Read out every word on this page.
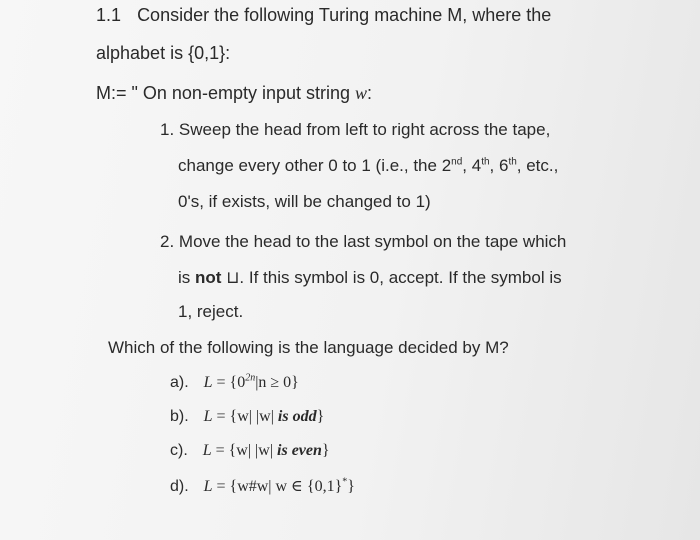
1.1 Consider the following Turing machine M, where the
alphabet is {0,1}:
M:= " On non-empty input string w:
1. Sweep the head from left to right across the tape,
change every other 0 to 1 (i.e., the 2nd, 4th, 6th, etc.,
0's, if exists, will be changed to 1)
2. Move the head to the last symbol on the tape which
is not ⊔. If this symbol is 0, accept. If the symbol is
1, reject.
Which of the following is the language decided by M?
a). $L = \{0^{2n}|n \ge 0\}$
b). L = {w| |w| is odd}
c). L = {w| |w| is even}
d). L = {w#w| w ∈ {0,1}*}
